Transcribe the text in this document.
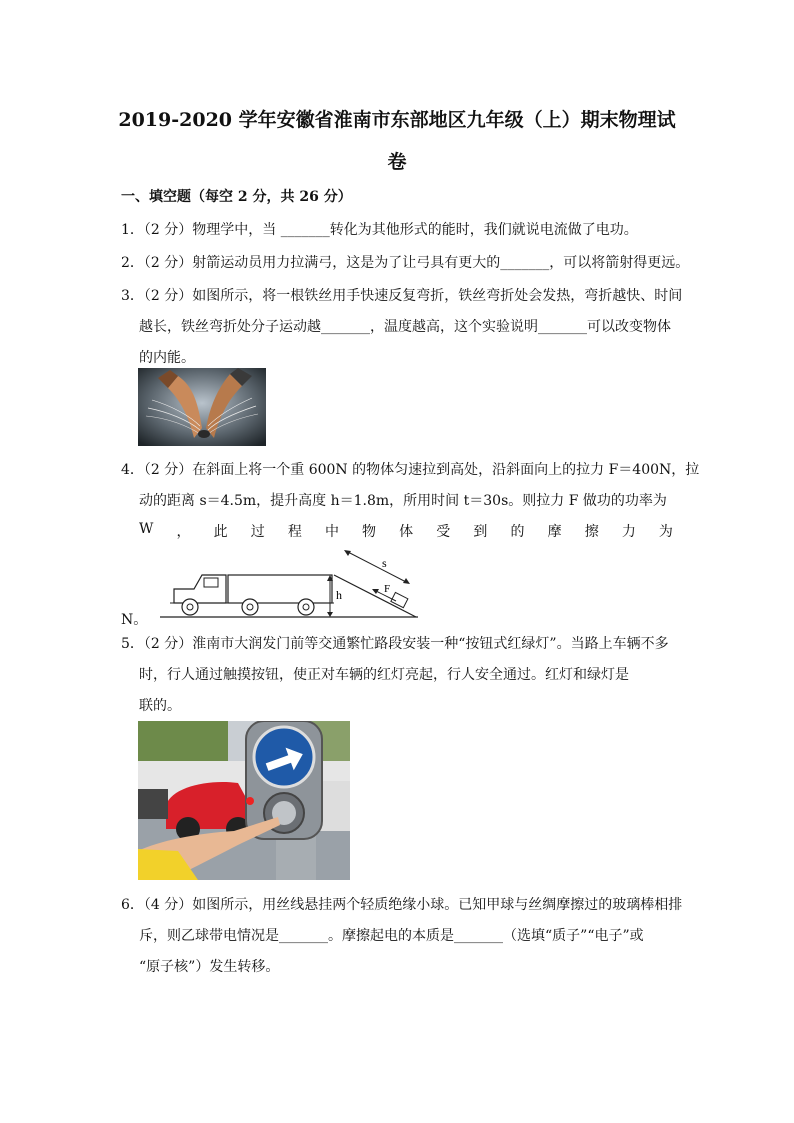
2019-2020 学年安徽省淮南市东部地区九年级（上）期末物理试
卷
一、填空题（每空 2 分，共 26 分）
1．（2 分）物理学中，当 _______转化为其他形式的能时，我们就说电流做了电功。
2．（2 分）射箭运动员用力拉满弓，这是为了让弓具有更大的_______，可以将箭射得更远。
3．（2 分）如图所示，将一根铁丝用手快速反复弯折，铁丝弯折处会发热，弯折越快、时间
越长，铁丝弯折处分子运动越_______，温度越高，这个实验说明_______可以改变物体
的内能。
4．（2 分）在斜面上将一个重 600N 的物体匀速拉到高处，沿斜面向上的拉力 F＝400N，拉
动的距离 s＝4.5m，提升高度 h＝1.8m，所用时间 t＝30s。则拉力 F 做功的功率为
W ， 此 过 程 中 物 体 受 到 的 摩 擦 力 为
h
s
F
N。
5．（2 分）淮南市大润发门前等交通繁忙路段安装一种“按钮式红绿灯”。当路上车辆不多
时，行人通过触摸按钮，使正对车辆的红灯亮起，行人安全通过。红灯和绿灯是
联的。
6．（4 分）如图所示，用丝线悬挂两个轻质绝缘小球。已知甲球与丝绸摩擦过的玻璃棒相排
斥，则乙球带电情况是_______。摩擦起电的本质是_______（选填“质子”“电子”或
“原子核”）发生转移。
